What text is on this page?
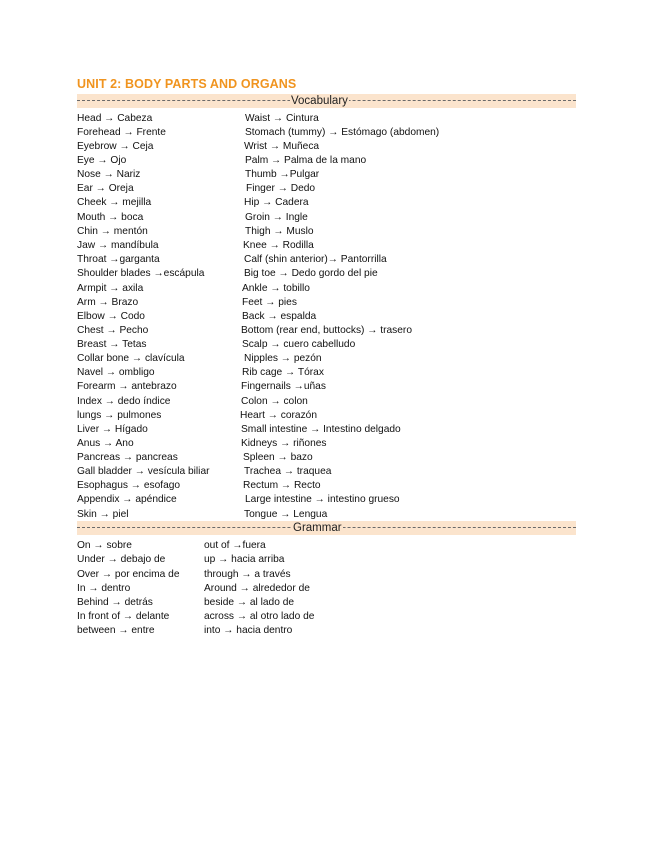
UNIT 2: BODY PARTS AND ORGANS
Vocabulary
Head → Cabeza
Forehead → Frente
Eyebrow → Ceja
Eye → Ojo
Nose → Nariz
Ear → Oreja
Cheek → mejilla
Mouth → boca
Chin → mentón
Jaw → mandíbula
Throat →garganta
Shoulder blades →escápula
Armpit → axila
Arm → Brazo
Elbow → Codo
Chest → Pecho
Breast → Tetas
Collar bone → clavícula
Navel → ombligo
Forearm → antebrazo
Index → dedo índice
lungs → pulmones
Liver → Hígado
Anus → Ano
Pancreas → pancreas
Gall bladder → vesícula biliar
Esophagus → esofago
Appendix → apéndice
Skin → piel
Waist → Cintura
Stomach (tummy) → Estómago (abdomen)
Wrist → Muñeca
Palm → Palma de la mano
Thumb →Pulgar
Finger → Dedo
Hip → Cadera
Groin → Ingle
Thigh → Muslo
Knee → Rodilla
Calf (shin anterior)→ Pantorrilla
Big toe → Dedo gordo del pie
Ankle → tobillo
Feet → pies
Back → espalda
Bottom (rear end, buttocks) → trasero
Scalp → cuero cabelludo
Nipples → pezón
Rib cage → Tórax
Fingernails →uñas
Colon → colon
Heart → corazón
Small intestine → Intestino delgado
Kidneys → riñones
Spleen → bazo
Trachea → traquea
Rectum → Recto
Large intestine → intestino grueso
Tongue → Lengua
Grammar
On → sobre
Under → debajo de
Over → por encima de
In → dentro
Behind → detrás
In front of → delante
between → entre
out of →fuera
up → hacia arriba
through → a través
Around → alrededor de
beside → al lado de
across → al otro lado de
into → hacia dentro
